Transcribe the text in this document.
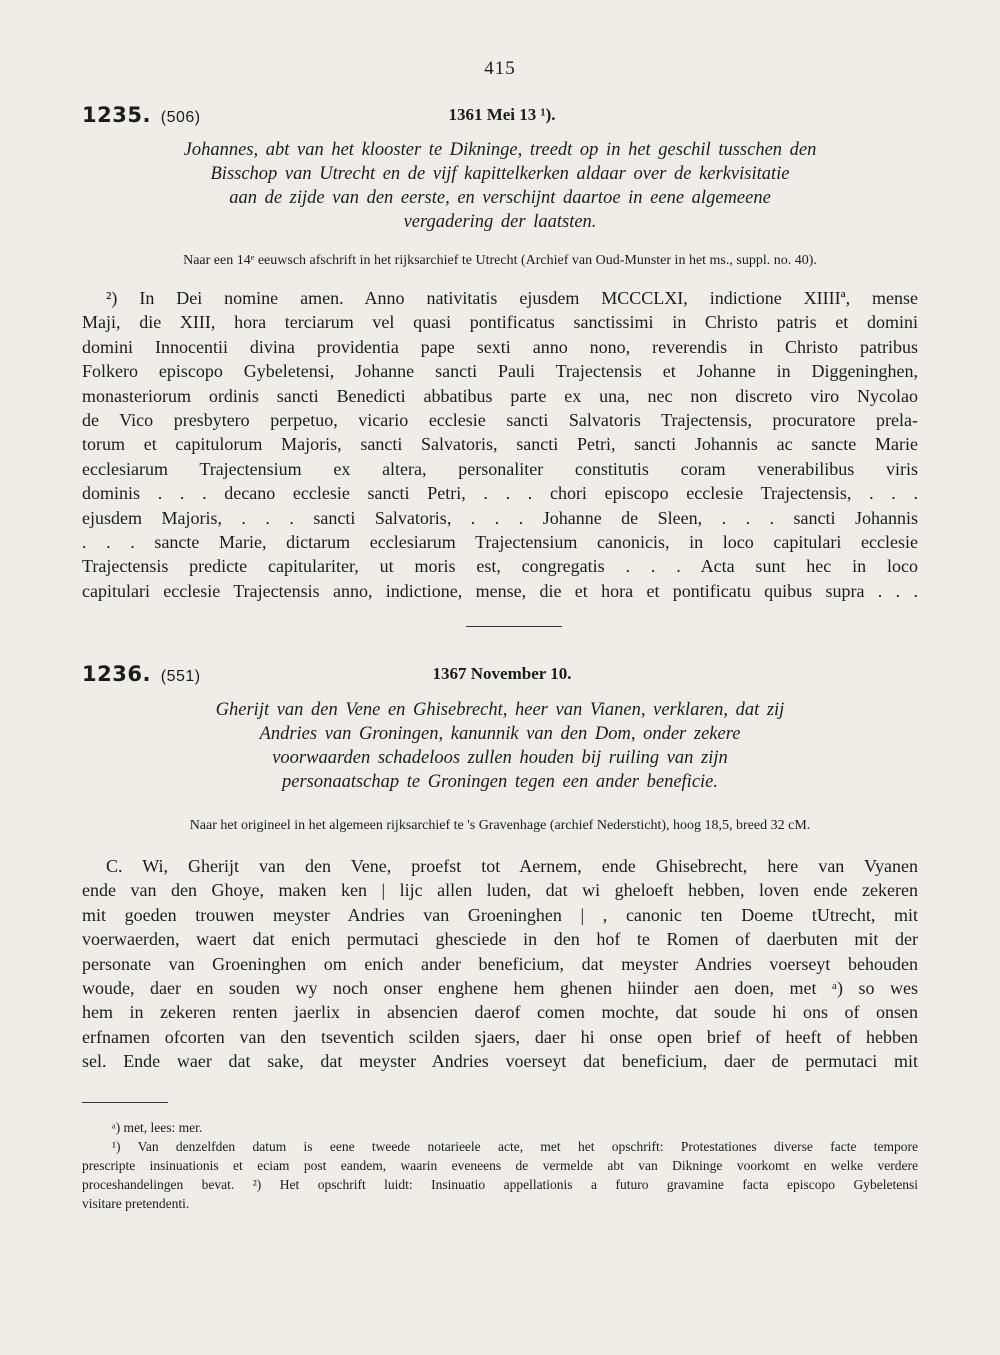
415
1235. (506)	1361 Mei 13 ¹).
Johannes, abt van het klooster te Dikninge, treedt op in het geschil tusschen den
Bisschop van Utrecht en de vijf kapittelkerken aldaar over de kerkvisitatie
aan de zijde van den eerste, en verschijnt daartoe in eene algemeene
vergadering der laatsten.
Naar een 14ᵉ eeuwsch afschrift in het rijksarchief te Utrecht (Archief van Oud-Munster in het ms., suppl. no. 40).
²) In Dei nomine amen. Anno nativitatis ejusdem MCCCLXI, indictione XIIIIª, mense
Maji, die XIII, hora terciarum vel quasi pontificatus sanctissimi in Christo patris et domini
domini Innocentii divina providentia pape sexti anno nono, reverendis in Christo patribus
Folkero episcopo Gybeletensi, Johanne sancti Pauli Trajectensis et Johanne in Diggeninghen,
monasteriorum ordinis sancti Benedicti abbatibus parte ex una, nec non discreto viro Nycolao
de Vico presbytero perpetuo, vicario ecclesie sancti Salvatoris Trajectensis, procuratore prela-
torum et capitulorum Majoris, sancti Salvatoris, sancti Petri, sancti Johannis ac sancte Marie
ecclesiarum Trajectensium ex altera, personaliter constitutis coram venerabilibus viris
dominis . . . decano ecclesie sancti Petri, . . . chori episcopo ecclesie Trajectensis, . . .
ejusdem Majoris, . . . sancti Salvatoris, . . . Johanne de Sleen, . . . sancti Johannis
. . . sancte Marie, dictarum ecclesiarum Trajectensium canonicis, in loco capitulari ecclesie
Trajectensis predicte capitulariter, ut moris est, congregatis . . . Acta sunt hec in loco
capitulari ecclesie Trajectensis anno, indictione, mense, die et hora et pontificatu quibus supra . . .
1236. (551)	1367 November 10.
Gherijt van den Vene en Ghisebrecht, heer van Vianen, verklaren, dat zij
Andries van Groningen, kanunnik van den Dom, onder zekere
voorwaarden schadeloos zullen houden bij ruiling van zijn
personaatschap te Groningen tegen een ander beneficie.
Naar het origineel in het algemeen rijksarchief te 's Gravenhage (archief Nedersticht), hoog 18,5, breed 32 cM.
C. Wi, Gherijt van den Vene, proefst tot Aernem, ende Ghisebrecht, here van Vyanen
ende van den Ghoye, maken ken | lijc allen luden, dat wi gheloeft hebben, loven ende zekeren
mit goeden trouwen meyster Andries van Groeninghen | , canonic ten Doeme tUtrecht, mit
voerwaerden, waert dat enich permutaci ghesciede in den hof te Romen of daerbuten mit der
personate van Groeninghen om enich ander beneficium, dat meyster Andries voerseyt behouden
woude, daer en souden wy noch onser enghene hem ghenen hiinder aen doen, met ᵃ) so wes
hem in zekeren renten jaerlix in absencien daerof comen mochte, dat soude hi ons of onsen
erfnamen ofcorten van den tseventich scilden sjaers, daer hi onse open brief of heeft of hebben
sel. Ende waer dat sake, dat meyster Andries voerseyt dat beneficium, daer de permutaci mit
ᵃ) met, lees: mer.
¹) Van denzelfden datum is eene tweede notarieele acte, met het opschrift: Protestationes diverse facte tempore
prescripte insinuationis et eciam post eandem, waarin eveneens de vermelde abt van Dikninge voorkomt en welke verdere
proceshandelingen bevat. ²) Het opschrift luidt: Insinuatio appellationis a futuro gravamine facta episcopo Gybeletensi
visitare pretendenti.
